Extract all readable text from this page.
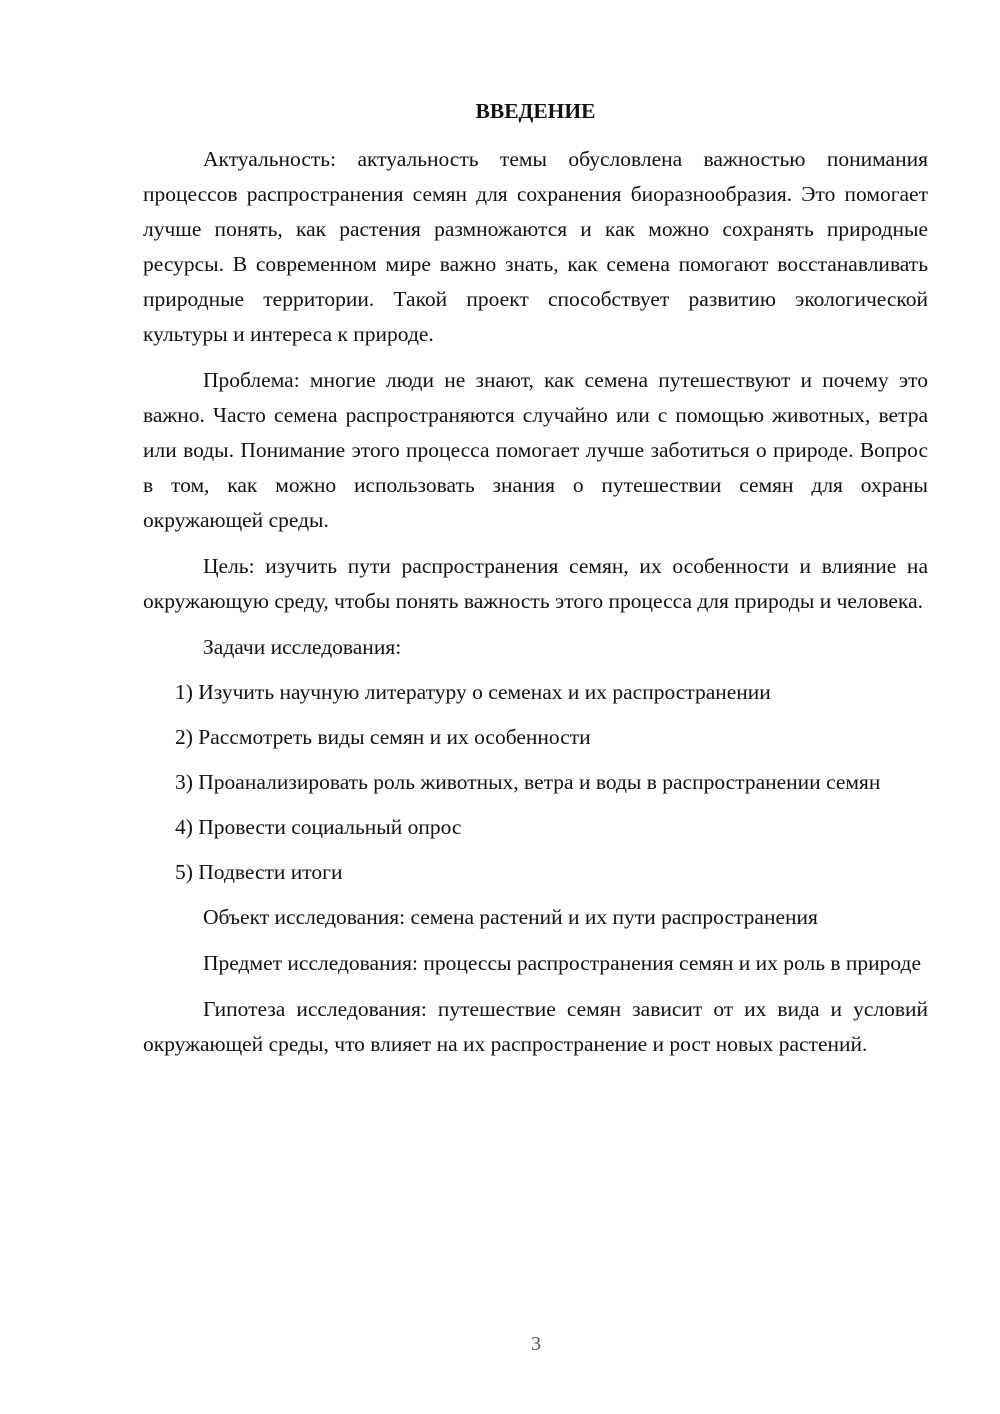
ВВЕДЕНИЕ

Актуальность: актуальность темы обусловлена важностью понимания процессов распространения семян для сохранения биоразнообразия. Это помогает лучше понять, как растения размножаются и как можно сохранять природные ресурсы. В современном мире важно знать, как семена помогают восстанавливать природные территории. Такой проект способствует развитию экологической культуры и интереса к природе.

Проблема: многие люди не знают, как семена путешествуют и почему это важно. Часто семена распространяются случайно или с помощью животных, ветра или воды. Понимание этого процесса помогает лучше заботиться о природе. Вопрос в том, как можно использовать знания о путешествии семян для охраны окружающей среды.

Цель: изучить пути распространения семян, их особенности и влияние на окружающую среду, чтобы понять важность этого процесса для природы и человека.

Задачи исследования:

1) Изучить научную литературу о семенах и их распространении

2) Рассмотреть виды семян и их особенности

3) Проанализировать роль животных, ветра и воды в распространении семян

4) Провести социальный опрос

5) Подвести итоги

Объект исследования: семена растений и их пути распространения

Предмет исследования: процессы распространения семян и их роль в природе

Гипотеза исследования: путешествие семян зависит от их вида и условий окружающей среды, что влияет на их распространение и рост новых растений.

3
